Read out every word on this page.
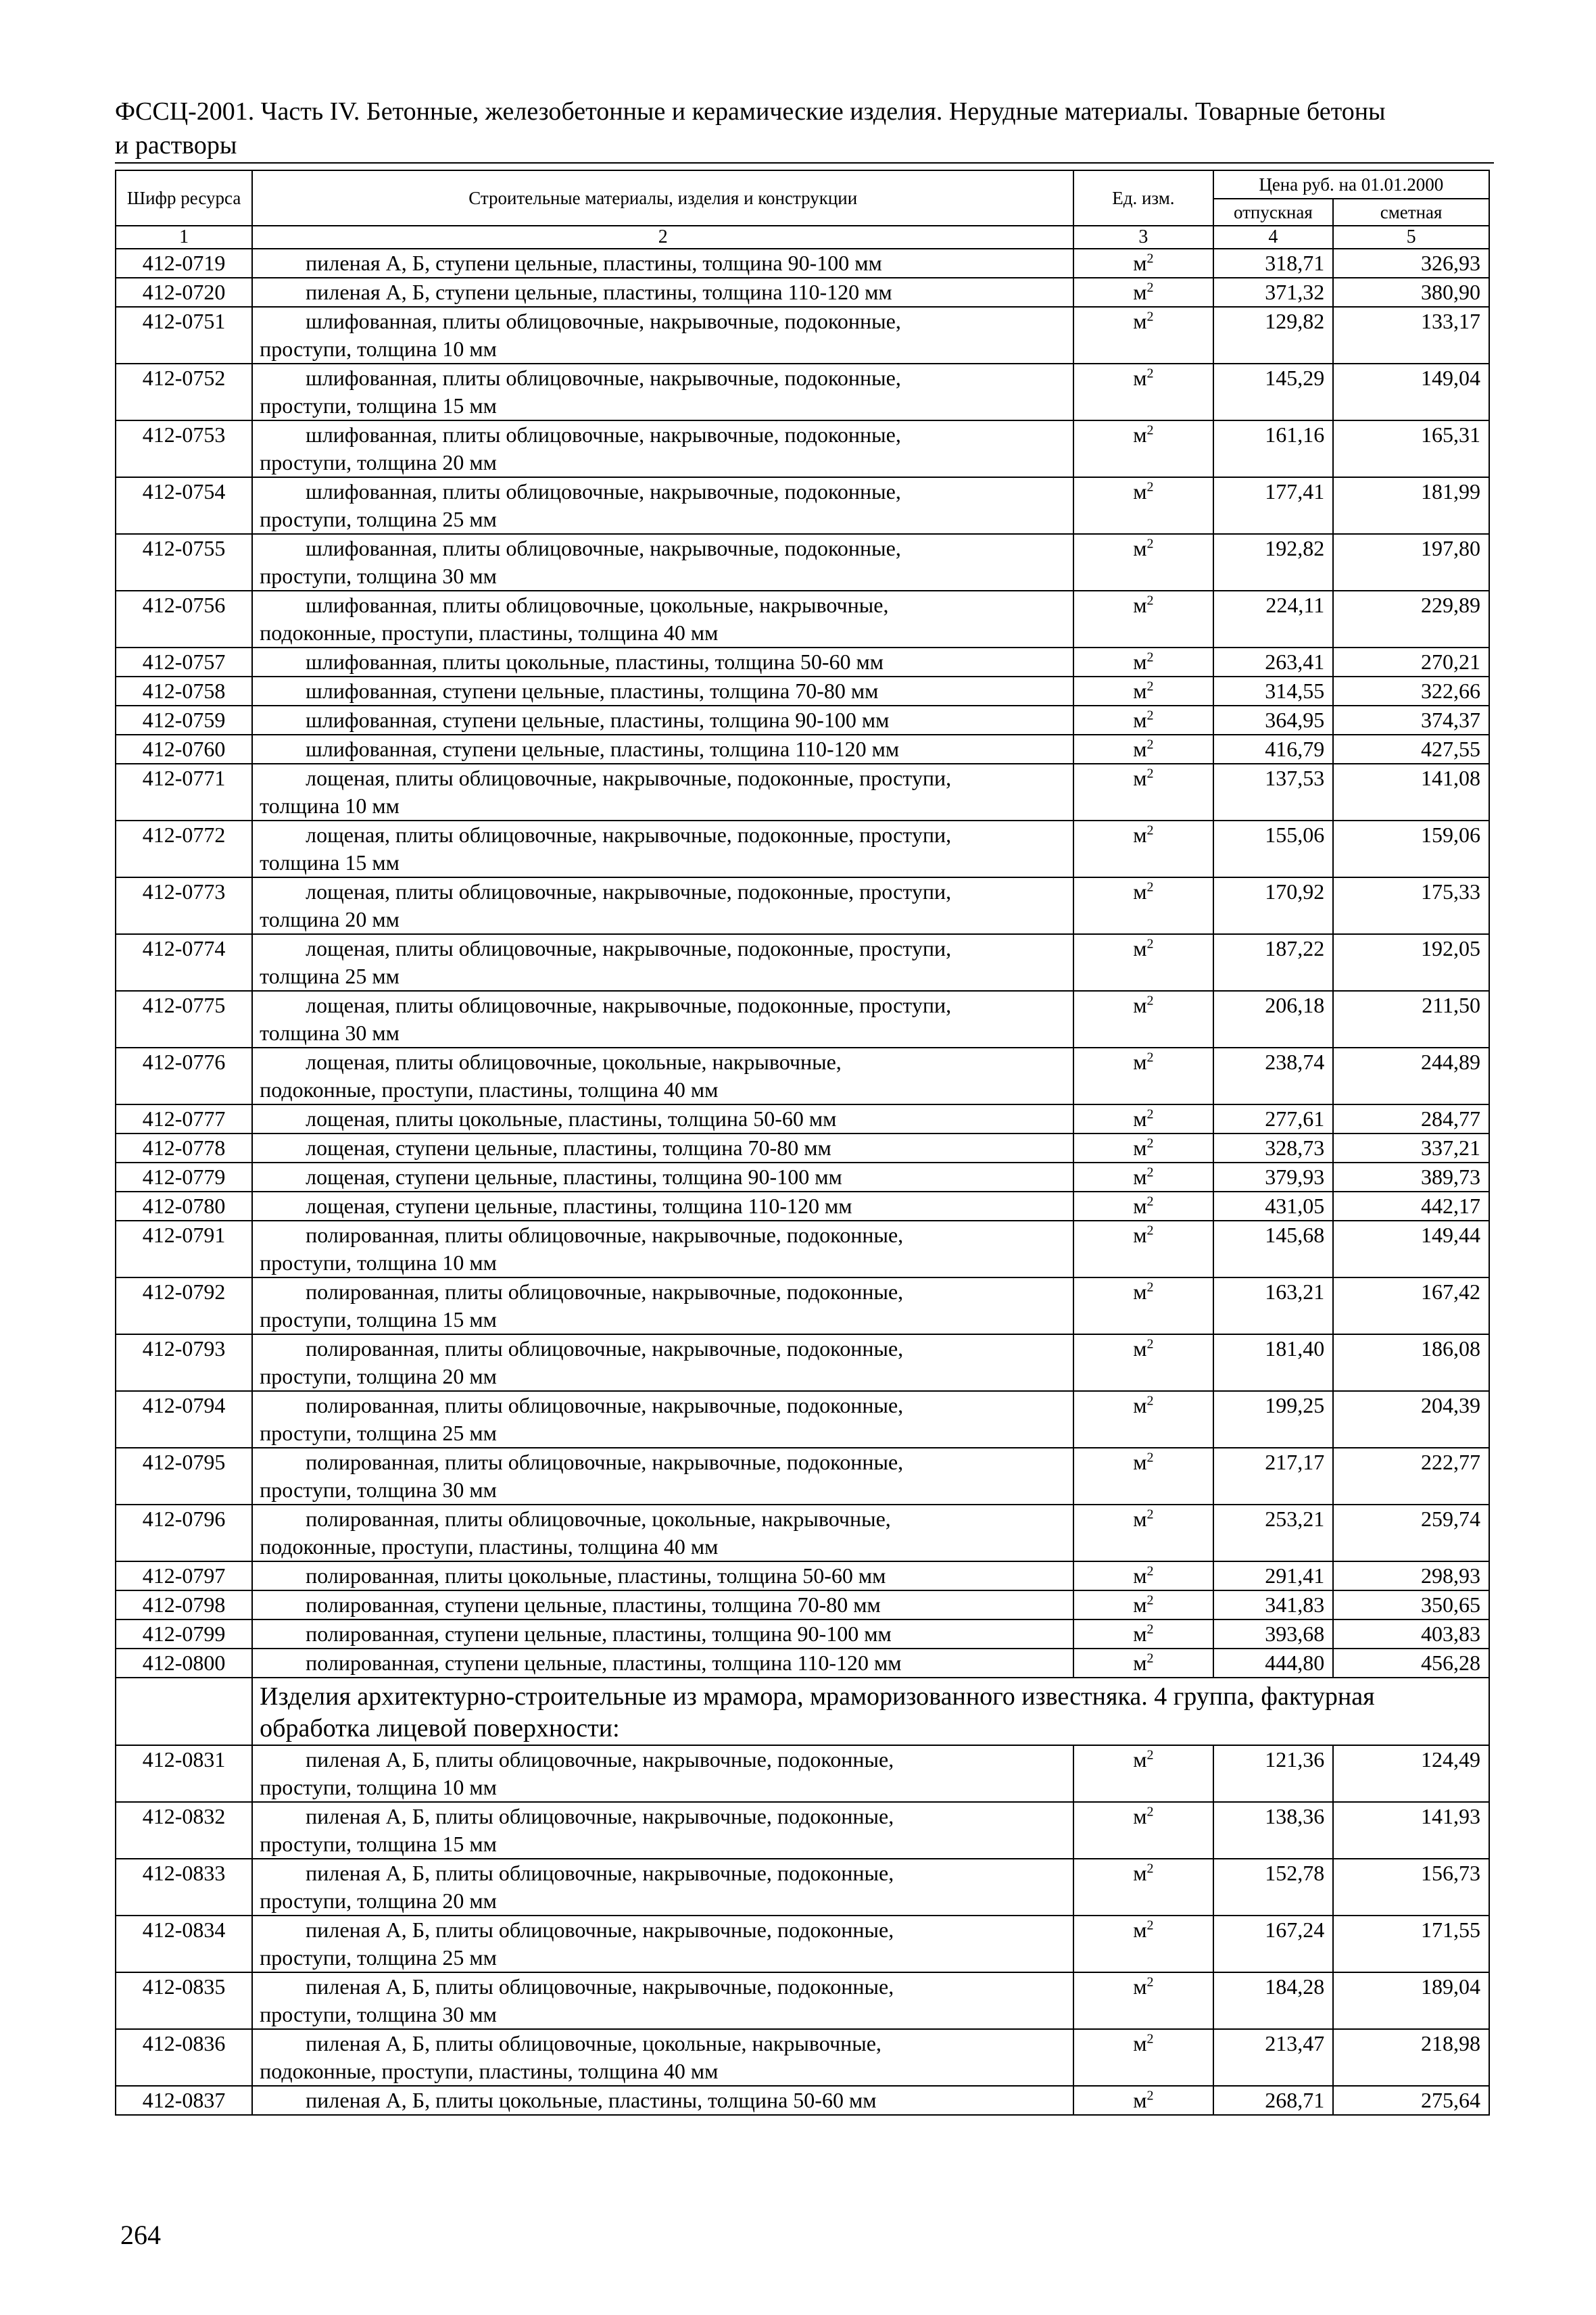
ФССЦ-2001. Часть IV. Бетонные, железобетонные и керамические изделия. Нерудные материалы. Товарные бетоны
и растворы
Шифр ресурса	Строительные материалы, изделия и конструкции	Ед. изм.	Цена руб. на 01.01.2000	
			отпускная	сметная
1	2	3	4	5
412-0719	пиленая А, Б, ступени цельные, пластины, толщина 90-100 мм	$м^2$	318,71	326,93
412-0720	пиленая А, Б, ступени цельные, пластины, толщина 110-120 мм	$м^2$	371,32	380,90
412-0751	шлифованная, плиты облицовочные, накрывочные, подоконные,
проступи, толщина 10 мм	$м^2$	129,82	133,17
412-0752	шлифованная, плиты облицовочные, накрывочные, подоконные,
проступи, толщина 15 мм	$м^2$	145,29	149,04
412-0753	шлифованная, плиты облицовочные, накрывочные, подоконные,
проступи, толщина 20 мм	$м^2$	161,16	165,31
412-0754	шлифованная, плиты облицовочные, накрывочные, подоконные,
проступи, толщина 25 мм	$м^2$	177,41	181,99
412-0755	шлифованная, плиты облицовочные, накрывочные, подоконные,
проступи, толщина 30 мм	$м^2$	192,82	197,80
412-0756	шлифованная, плиты облицовочные, цокольные, накрывочные,
подоконные, проступи, пластины, толщина 40 мм	$м^2$	224,11	229,89
412-0757	шлифованная, плиты цокольные, пластины, толщина 50-60 мм	$м^2$	263,41	270,21
412-0758	шлифованная, ступени цельные, пластины, толщина 70-80 мм	$м^2$	314,55	322,66
412-0759	шлифованная, ступени цельные, пластины, толщина 90-100 мм	$м^2$	364,95	374,37
412-0760	шлифованная, ступени цельные, пластины, толщина 110-120 мм	$м^2$	416,79	427,55
412-0771	лощеная, плиты облицовочные, накрывочные, подоконные, проступи,
толщина 10 мм	$м^2$	137,53	141,08
412-0772	лощеная, плиты облицовочные, накрывочные, подоконные, проступи,
толщина 15 мм	$м^2$	155,06	159,06
412-0773	лощеная, плиты облицовочные, накрывочные, подоконные, проступи,
толщина 20 мм	$м^2$	170,92	175,33
412-0774	лощеная, плиты облицовочные, накрывочные, подоконные, проступи,
толщина 25 мм	$м^2$	187,22	192,05
412-0775	лощеная, плиты облицовочные, накрывочные, подоконные, проступи,
толщина 30 мм	$м^2$	206,18	211,50
412-0776	лощеная, плиты облицовочные, цокольные, накрывочные,
подоконные, проступи, пластины, толщина 40 мм	$м^2$	238,74	244,89
412-0777	лощеная, плиты цокольные, пластины, толщина 50-60 мм	$м^2$	277,61	284,77
412-0778	лощеная, ступени цельные, пластины, толщина 70-80 мм	$м^2$	328,73	337,21
412-0779	лощеная, ступени цельные, пластины, толщина 90-100 мм	$м^2$	379,93	389,73
412-0780	лощеная, ступени цельные, пластины, толщина 110-120 мм	$м^2$	431,05	442,17
412-0791	полированная, плиты облицовочные, накрывочные, подоконные,
проступи, толщина 10 мм	$м^2$	145,68	149,44
412-0792	полированная, плиты облицовочные, накрывочные, подоконные,
проступи, толщина 15 мм	$м^2$	163,21	167,42
412-0793	полированная, плиты облицовочные, накрывочные, подоконные,
проступи, толщина 20 мм	$м^2$	181,40	186,08
412-0794	полированная, плиты облицовочные, накрывочные, подоконные,
проступи, толщина 25 мм	$м^2$	199,25	204,39
412-0795	полированная, плиты облицовочные, накрывочные, подоконные,
проступи, толщина 30 мм	$м^2$	217,17	222,77
412-0796	полированная, плиты облицовочные, цокольные, накрывочные,
подоконные, проступи, пластины, толщина 40 мм	$м^2$	253,21	259,74
412-0797	полированная, плиты цокольные, пластины, толщина 50-60 мм	$м^2$	291,41	298,93
412-0798	полированная, ступени цельные, пластины, толщина 70-80 мм	$м^2$	341,83	350,65
412-0799	полированная, ступени цельные, пластины, толщина 90-100 мм	$м^2$	393,68	403,83
412-0800	полированная, ступени цельные, пластины, толщина 110-120 мм	$м^2$	444,80	456,28
	Изделия архитектурно-строительные из мрамора, мраморизованного известняка. 4 группа, фактурная обработка лицевой поверхности:			
412-0831	пиленая А, Б, плиты облицовочные, накрывочные, подоконные,
проступи, толщина 10 мм	$м^2$	121,36	124,49
412-0832	пиленая А, Б, плиты облицовочные, накрывочные, подоконные,
проступи, толщина 15 мм	$м^2$	138,36	141,93
412-0833	пиленая А, Б, плиты облицовочные, накрывочные, подоконные,
проступи, толщина 20 мм	$м^2$	152,78	156,73
412-0834	пиленая А, Б, плиты облицовочные, накрывочные, подоконные,
проступи, толщина 25 мм	$м^2$	167,24	171,55
412-0835	пиленая А, Б, плиты облицовочные, накрывочные, подоконные,
проступи, толщина 30 мм	$м^2$	184,28	189,04
412-0836	пиленая А, Б, плиты облицовочные, цокольные, накрывочные,
подоконные, проступи, пластины, толщина 40 мм	$м^2$	213,47	218,98
412-0837	пиленая А, Б, плиты цокольные, пластины, толщина 50-60 мм	$м^2$	268,71	275,64
264
